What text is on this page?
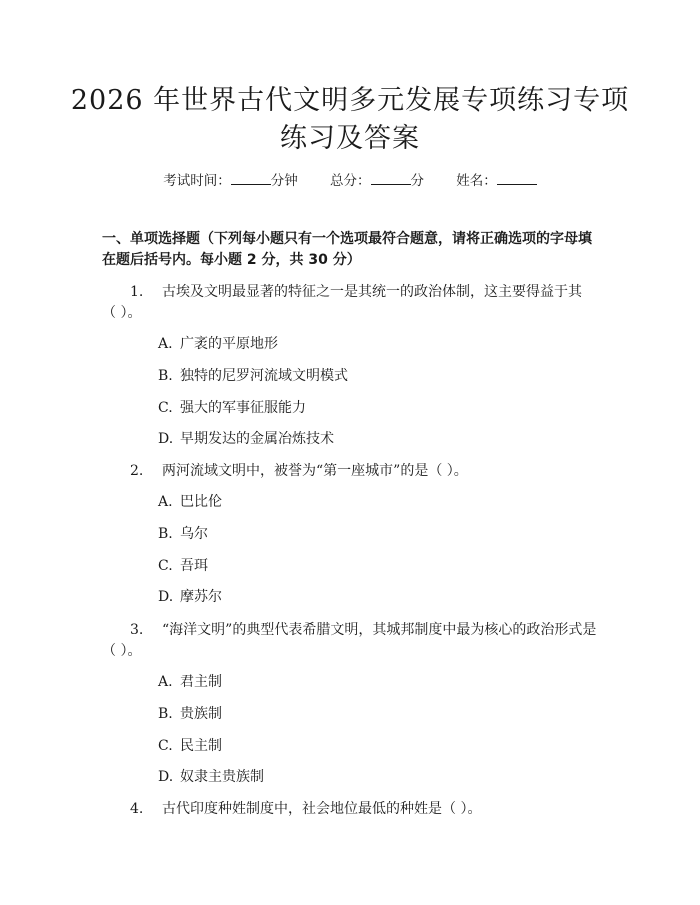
2026 年世界古代文明多元发展专项练习专项
练习及答案
考试时间：	分钟 总分：	分 姓名：
一、单项选择题（下列每小题只有一个选项最符合题意，请将正确选项的字母填
在题后括号内。每小题 2 分，共 30 分）
1. 古埃及文明最显著的特征之一是其统一的政治体制，这主要得益于其
（ ）。
A. 广袤的平原地形
B. 独特的尼罗河流域文明模式
C. 强大的军事征服能力
D. 早期发达的金属冶炼技术
2. 两河流域文明中，被誉为“第一座城市”的是（ ）。
A. 巴比伦
B. 乌尔
C. 吾珥
D. 摩苏尔
3. “海洋文明”的典型代表希腊文明，其城邦制度中最为核心的政治形式是
（ ）。
A. 君主制
B. 贵族制
C. 民主制
D. 奴隶主贵族制
4. 古代印度种姓制度中，社会地位最低的种姓是（ ）。
